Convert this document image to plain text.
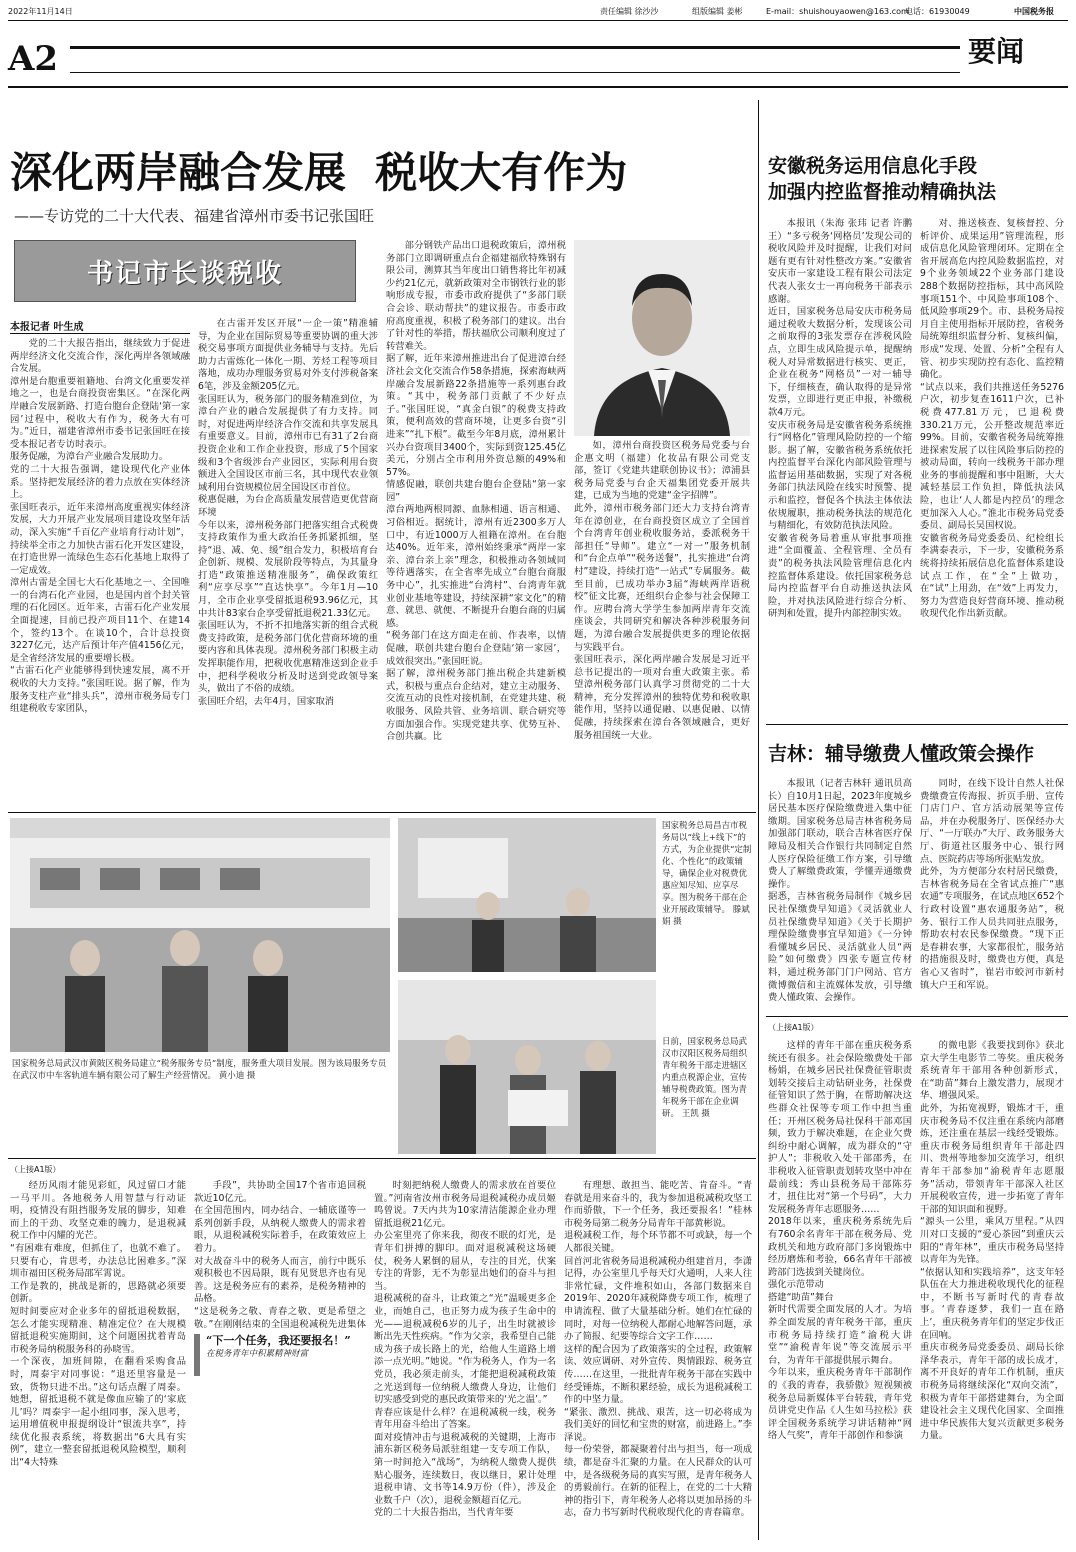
2022年11月14日	责任编辑 徐沙沙	组版编辑 姜彬	E-mail：shuishouyaowen@163.com
电话：61930049	中国税务报
A2	要闻
深化两岸融合发展  税收大有作为
——专访党的二十大代表、福建省漳州市委书记张国旺
书记市长谈税收
本报记者 叶生成
党的二十大报告指出，继续致力于促进两岸经济文化交流合作，深化两岸各领域融合发展。
漳州是台胞重要祖籍地、台湾文化重要发祥地之一，也是台商投资密集区。“在深化两岸融合发展新路、打造台胞台企登陆‘第一家园’过程中，税收大有作为，税务大有可为。”近日，福建省漳州市委书记张国旺在接受本报记者专访时表示。
服务促融，为漳台产业融合发展助力。
党的二十大报告强调，建设现代化产业体系。坚持把发展经济的着力点放在实体经济上。
张国旺表示，近年来漳州高度重视实体经济发展，大力开展产业发展项目建设攻坚年活动，深入实施“千百亿产业培育行动计划”，持续举全市之力加快古雷石化开发区建设，在打造世界一流绿色生态石化基地上取得了一定成效。
漳州古雷是全国七大石化基地之一、全国唯一的台湾石化产业园，也是国内首个封关管理的石化园区。近年来，古雷石化产业发展全面提速，目前已投产项目11个、在建14个，签约13个。在谈10个，合计总投资3227亿元，达产后预计年产值4156亿元，是全省经济发展的重要增长极。
“古雷石化产业能够得到快速发展，离不开税收的大力支持。”张国旺说。据了解，作为服务支柱产业“排头兵”，漳州市税务局专门组建税收专家团队，
在古雷开发区开展“一企一策”精准辅导，为企业在国际贸易等重要协调的重大涉税交易事项方面提供业务辅导与支持。先后助力古雷炼化一体化一期、芳烃工程等项目落地，成功办理服务贸易对外支付涉税备案6笔，涉及金额205亿元。
张国旺认为，税务部门的服务精准到位，为漳台产业的融合发展提供了有力支持。同时，对促进两岸经济合作交流和共享发展具有重要意义。目前，漳州市已有31了2台商投资企业和工作企业投资，形成了5个国家级和3个省级涉台产业园区，实际利用台资额进入全国设区市前三名，其中现代农业领域利用台资规模位居全国设区市首位。
税惠促融，为台企高质量发展营造更优营商环境
今年以来，漳州税务部门把落实组合式税费支持政策作为重大政治任务抓紧抓细，坚持“退、减、免、缓”组合发力，积极培育台企创新、规模、发展阶段等特点，为其量身打造“政策推送精准服务”，确保政策红利“应享尽享”“直达快享”。今年1月—10月，全市企业享受留抵退税93.96亿元，其中共计83家台企享受留抵退税21.33亿元。
张国旺认为，不折不扣地落实新的组合式税费支持政策，是税务部门优化营商环境的重要内容和具体表现。漳州税务部门积极主动发挥职能作用，把税收优惠精准送到企业手中，把科学税收分析及时送到党政领导案头，做出了不俗的成绩。
张国旺介绍，去年4月，国家取消
部分钢铁产品出口退税政策后，漳州税务部门立即调研重点台企福建福欣特殊钢有限公司，测算其当年度出口销售将比年初减少约21亿元，就新政策对全市钢铁行业的影响形成专报，市委市政府提供了“多部门联合会诊、联动帮扶”的建议报告。市委市政府高度重视，积极了税务部门的建议。出台了针对性的举措，帮扶福欣公司顺利度过了转营难关。
据了解，近年来漳州推进出台了促进漳台经济社会文化交流合作58条措施，探索海峡两岸融合发展新路22条措施等一系列惠台政策。“其中，税务部门贡献了不少好点子。”张国旺说，“真金白银”的税费支持政策，便利高效的营商环境，让更多台资“引进来”“扎下根”。截至今年8月底，漳州累计兴办台资项目3400个，实际到资125.45亿美元，分别占全市利用外资总额的49%和57%。
情感促融，联创共建台胞台企登陆“第一家园”
漳台两地两根同源、血脉相通、语言相通、习俗相近。据统计，漳州有近2300多万人口中，有近1000万人祖籍在漳州。在台胞达40%。近年来，漳州始终秉承“两岸一家亲、漳台亲上亲”理念，积极推动各领域同等待遇落实，在全省率先成立“台胞台商服务中心”，扎实推进“台湾村”、台湾青年就业创业基地等建设，持续深耕“家文化”的精意、就思、就便、不断提升台胞台商的归属感。
“税务部门在这方面走在前、作表率，以情促融，联创共建台胞台企登陆‘第一家园’，成效很突出。”张国旺说。
据了解，漳州税务部门推出税企共建新模式，积极与重点台企结对，建立主动服务、交流互动的良性对接机制，在党建共建、税收服务、风险共管、业务培训、联合研究等方面加强合作。实现党建共享、优势互补、合创共赢。比
如，漳州台商投资区税务局党委与台企惠文明（福建）化妆品有限公司党支部，签订《党建共建联创协议书》；漳浦县税务局党委与台企天福集团党委开展共建，已成为当地的党建“金字招牌”。
此外，漳州市税务部门还大力支持台湾青年在漳创业，在台商投资区成立了全国首个台湾青年创业税收服务站，委派税务干部担任“导师”。建立“一对一”服务机制和“台企点单”“税务送餐”，扎实推进“台湾村”建设，持续打造“一站式”专属服务。截至目前，已成功举办3届“海峡两岸语税校”征文比赛，还组织台企参与社会保障工作。应聘台湾大学学生参加两岸青年交流座谈会，共同研究和解决各种涉税服务问题，为漳台融合发展提供更多的理论依据与实践平台。
张国旺表示，深化两岸融合发展是习近平总书记提出的一项对台重大政策主张。希望漳州税务部门认真学习贯彻党的二十大精神，充分发挥漳州的独特优势和税收职能作用，坚持以通促融、以惠促融、以情促融，持续探索在漳台各领域融合，更好服务祖国统一大业。
安徽税务运用信息化手段
加强内控监督推动精确执法
本报讯（朱海 张玮 记者 许鹏 王）“多亏税务‘网格员’发现公司的税收风险并及时提醒，让我们对问题有更有针对性整改方案。”安徽省安庆市一家建设工程有限公司法定代表人张女士一再向税务干部表示感谢。
近日，国家税务总局安庆市税务局通过税收大数据分析，发现该公司之前取得的3张发票存在涉税风险点，立即生成风险提示单，提醒纳税人对异常数据进行核实、更正，企业在税务“网格员”一对一辅导下，仔细核查，确认取得的是异常发票，立即进行更正申报，补缴税款4万元。
安庆市税务局是安徽省税务系统推行“网格化”管理风险防控的一个缩影。据了解，安徽省税务系统依托内控监督平台深化内部风险管理与监督运用基础数据，实现了对各税务部门执法风险在线实时预警、提示和监控，督促各个执法主体依法依规履职，推动税务执法的规范化与精细化，有效防范执法风险。
安徽省税务局着重从审批事项推进“全面覆盖、全程管理、全员有责”的税务执法风险管理信息化内控监督体系建设。依托国家税务总局内控监督平台自动推送执法风险，并对执法风险进行综合分析、研判和处置，提升内部控制实效。
对、推送核查、复核督控、分析评价、成果运用”管理流程，形成信息化风险管理闭环。定期在全省开展高危内控风险数据监控，对9个业务领域22个业务部门建设288个数据防控指标，其中高风险事项151个、中风险事项108个、低风险事项29个。市、县税务局按月自主使用指标开展防控，省税务局统筹组织监督分析、复核纠偏，形成“发现、处置、分析”全程有人管、初步实现防控有态化、监控精确化。
“试点以来，我们共推送任务5276户次，初步复查1611户次，已补税费477.81万元，已退税费330.21万元，公开整改规范率近99%。目前，安徽省税务局统筹推进探索发展了以往风险事后防控的被动局面，转向一线税务干部办理业务的事前提醒和事中阻断，大大减轻基层工作负担，降低执法风险，也让‘人人都是内控员’的理念更加深入人心。”淮北市税务局党委委员、副局长吴国权说。
安徽省税务局党委委员、纪检组长李满泰表示，下一步，安徽税务系统将持续拓展信息化监督体系建设试点工作，在“全”上做功，在“试”上用劲，在“效”上再发力，努力为营造良好营商环境、推动税收现代化作出新贡献。
吉林：辅导缴费人懂政策会操作
本报讯（记者吉林轩 通讯员高长）自10月1日起，2023年度城乡居民基本医疗保险缴费进入集中征缴期。国家税务总局吉林省税务局加强部门联动，联合吉林省医疗保障局及相关合作银行共同制定自然人医疗保险征缴工作方案，引导缴费人了解缴费政策，学懂弄通缴费操作。
据悉，吉林省税务局制作《城乡居民社保缴费早知道》《灵活就业人员社保缴费早知道》《关于长期护理保险缴费事宜早知道》《一分钟看懂城乡居民、灵活就业人员“两险”如何缴费》四张专题宣传材料，通过税务部门门户网站、官方微博微信和主流媒体发放，引导缴费人懂政策、会操作。
同时，在线下设计自然人社保费缴费宣传海报、折页手册、宣传门店门户、官方活动展架等宣传品，并在办税服务厅、医保经办大厅、“一厅联办”大厅、政务服务大厅、街道社区服务中心、银行网点、医院药店等场所张贴发放。
此外，为方便部分农村居民缴费，吉林省税务局在全省试点推广“惠农通”专项服务，在试点地区652个行政村设置“惠农通服务站”，税务、银行工作人员共同驻点服务，帮助农村农民参保缴费。“现下正是春耕农事，大家都很忙，服务站的措施很及时，缴费也方便，真是省心又省时”，崔岩市蛟河市新村镇大户王和军说。
国家税务总局昌吉市税务局以“线上+线下”的方式，为企业提供“定制化、个性化”的政策辅导，确保企业对税费优惠应知尽知、应享尽享。图为税务干部在企业开展政策辅导。 滕斌娟 摄
日前，国家税务总局武汉市汉阳区税务局组织青年税务干部走进辖区内重点税源企业，宣传辅导税费政策。图为青年税务干部在企业调研。 王凯 摄
国家税务总局武汉市黄陂区税务局建立“税务服务专员”制度，服务重大项目发展。图为该局服务专员在武汉市中车客轨道车辆有限公司了解生产经营情况。 黄小迪 摄
（上接A1版）
（上接A1版）
经历风雨才能见彩虹，风过留口才能一马平川。各地税务人用智慧与行动证明，疫情没有阻挡服务发展的脚步，知难而上的干劲、攻坚克难的魄力，是退税减税工作中闪耀的光芒。
“有困难有难度，但抓住了，也就不难了。只要有心，肯思考，办法总比困难多。”深圳市福田区税务局邵军霄说。
工作是教的，挑战是新的，思路就必须要创新。
短时间要应对企业多年的留抵退税数据，怎么才能实现精准、精准定位？在大规模留抵退税实施期间，这个问题困扰着青岛市税务局纳税服务科的孙晓雪。
一个深夜，加班间隙，在翻看采购食品时，周泰宇对同事说：“退还里容量是一致，货物只进不出。”这句话点醒了周泰。她想，留抵退税不就是像血应输了的‘家底儿’吗？周泰宇一起小组同事，深入思考，运用增值税申报提纲设计“银流共享”，持续优化报表系统，将数据出“6大具有实例”，建立一整套留抵退税风险模型，顺利出“4大特殊
手段”，共协助全国17个省市追回税款近10亿元。
在全国范围内，同办结合、一辅底谨等一系列创新手段，从纳税人缴费人的需求着眼，从退税减税实际着手，在政策效应上着力。
对大战奋斗中的税务人而言，前行中既乐观积极也不因局限，既有见贤思齐也有见善。这是税务应有的素养，是税务精神的品格。
“这是税务之敬、青春之敬、更是希望之敬。”在刚刚结束的全国退税减税先进集体

“下一个任务，我还要报名！”
在税务青年中积累精神财富
时刻把纳税人缴费人的需求放在首要位置。”河南省汝州市税务局退税减税办成员姬鸣曾说。7天内共为10家清洁能源企业办理留抵退税21亿元。
办公室里亮了你来我，彻夜不眠的灯光，是青年们拼搏的脚印。面对退税减税这场硬仗，税务人累倒的屈从，专注的目光，伏案专注的背影，无不为彰显出她们的奋斗与担当。
退税减税的奋斗，让政策之“光”温暖更多企业，而她自己，也正努力成为孩子生命中的光——退税减税6岁的儿子，出生时就被诊断出先天性疾病。“作为父亲，我希望自己能成为孩子成长路上的光，给他人生道路上增添一点光明。”她说。“作为税务人，作为一名党员，我必须走前头，才能把退税减税政策之光送到每一位纳税人缴费人身边，让他们切实感受到党的惠民政策带来的‘光之温’。”
青春应该是什么样？在退税减税一线，税务青年用奋斗给出了答案。
面对疫情冲击与退税减税的关键期，上海市浦东新区税务局派驻组建一支专项工作队，第一时间抢入“战场”，为纳税人缴费人提供贴心服务，连续数日，夜以继日，累计处理退税申请、文书等14.9万份（件），涉及企业数千户（次），退税金额超百亿元。
党的二十大报告指出，当代青年要
有理想、敢担当、能吃苦、肯奋斗。“青春就是用来奋斗的，我为参加退税减税攻坚工作而骄傲，下一个任务，我还要报名！”桂林市税务局第二税务分局青年干部黄彬说。
退税减税工作，每个环节都不可或缺，每一个人都很关键。
回首河北省税务局退税减税办组建首月，李潇记得，办公室里几乎每天灯火通明，人来人往非常忙碌，文件堆积如山，各部门数据来自2019年、2020年减税降费专项工作，梳理了申请流程、做了大量基础分析。她们在忙碌的同时，对每一位纳税人都耐心地解答问题，承办了简报、纪要等综合文字工作……
这样的配合因为了政策落实的全过程，政策解读、效应调研、对外宣传、舆情跟踪、税务宣传……在这里，一批批青年税务干部在实践中经受锤炼，不断积累经验，成长为退税减税工作的中坚力量。
“紧张、激烈、挑战、艰苦，这一切必将成为我们美好的回忆和宝贵的财富，前进路上。”李泽说。
每一份荣誉，都凝聚着付出与担当，每一项成绩，都是奋斗汇聚的力量。在人民群众的认可中，是各级税务局的真实写照，是青年税务人的勇毅前行。在新的征程上，在党的二十大精神的指引下，青年税务人必将以更加昂扬的斗志，奋力书写新时代税收现代化的青春篇章。
这样的青年干部在重庆税务系统还有很多。社会保险缴费处干部杨娟，在城乡居民社保费征管职责划转交接后主动钻研业务，社保费征管知识了然于胸，在帮助解决这些群众社保等专项工作中担当重任；开州区税务局社保科干部邓国频，致力于解决难题，在企业欠费纠纷中耐心调解，成为群众的“守护人”；非税收入处干部邵秀，在非税收入征管职责划转攻坚中冲在最前线；秀山县税务局干部陈芬才，扭住比对“第一个号码”，大力发展税务青年志愿服务……
2018年以来，重庆税务系统先后有760余名青年干部在税务局、党政机关和地方政府部门多岗锻炼中经历磨炼和考验，66名青年干部被跨部门选拔到关键岗位。
强化示范带动
搭建“助苗”舞台
新时代需要全面发展的人才。为培养全面发展的青年税务干部，重庆市税务局持续打造“渝税大讲堂”“渝税青年说”等交流展示平台，为青年干部提供展示舞台。
今年以来，重庆税务青年干部制作的《我的青春，我骄傲》短视频被税务总局新媒体平台转载，青年党员讲党史作品《人生如马拉松》获评全国税务系统学习讲话精神“网络人气奖”，青年干部创作和参演
的微电影《我要找到你》获北京大学生电影节二等奖。重庆税务系统青年干部用各种创新形式，在“助苗”舞台上激发潜力，展现才华、增强风采。
此外，为拓宽视野，锻炼才干，重庆市税务局不仅注重在系统内部磨炼，还注重在基层一线经受锻炼。重庆市税务局组织青年干部赴四川、贵州等地参加交流学习，组织青年干部参加“渝税青年志愿服务”活动，带领青年干部深入社区开展税收宣传，进一步拓宽了青年干部的知识面和视野。
“源头一公里，乘风万里程。”从四川对口支援的“爱心茶园”到重庆云阳的“青年林”，重庆市税务局坚持以青年为先锋。
“依据认知和实践培养”，这支年轻队伍在大力推进税收现代化的征程中，不断书写新时代的青春故事。‘青春逐梦，我们一直在路上’，重庆税务青年们的坚定步伐正在回响。
重庆市税务局党委委员、副局长徐泽华表示，青年干部的成长成才，离不开良好的青年工作机制，重庆市税务局将继续深化“双向交流”，积极为青年干部搭建舞台，为全面建设社会主义现代化国家、全面推进中华民族伟大复兴贡献更多税务力量。
